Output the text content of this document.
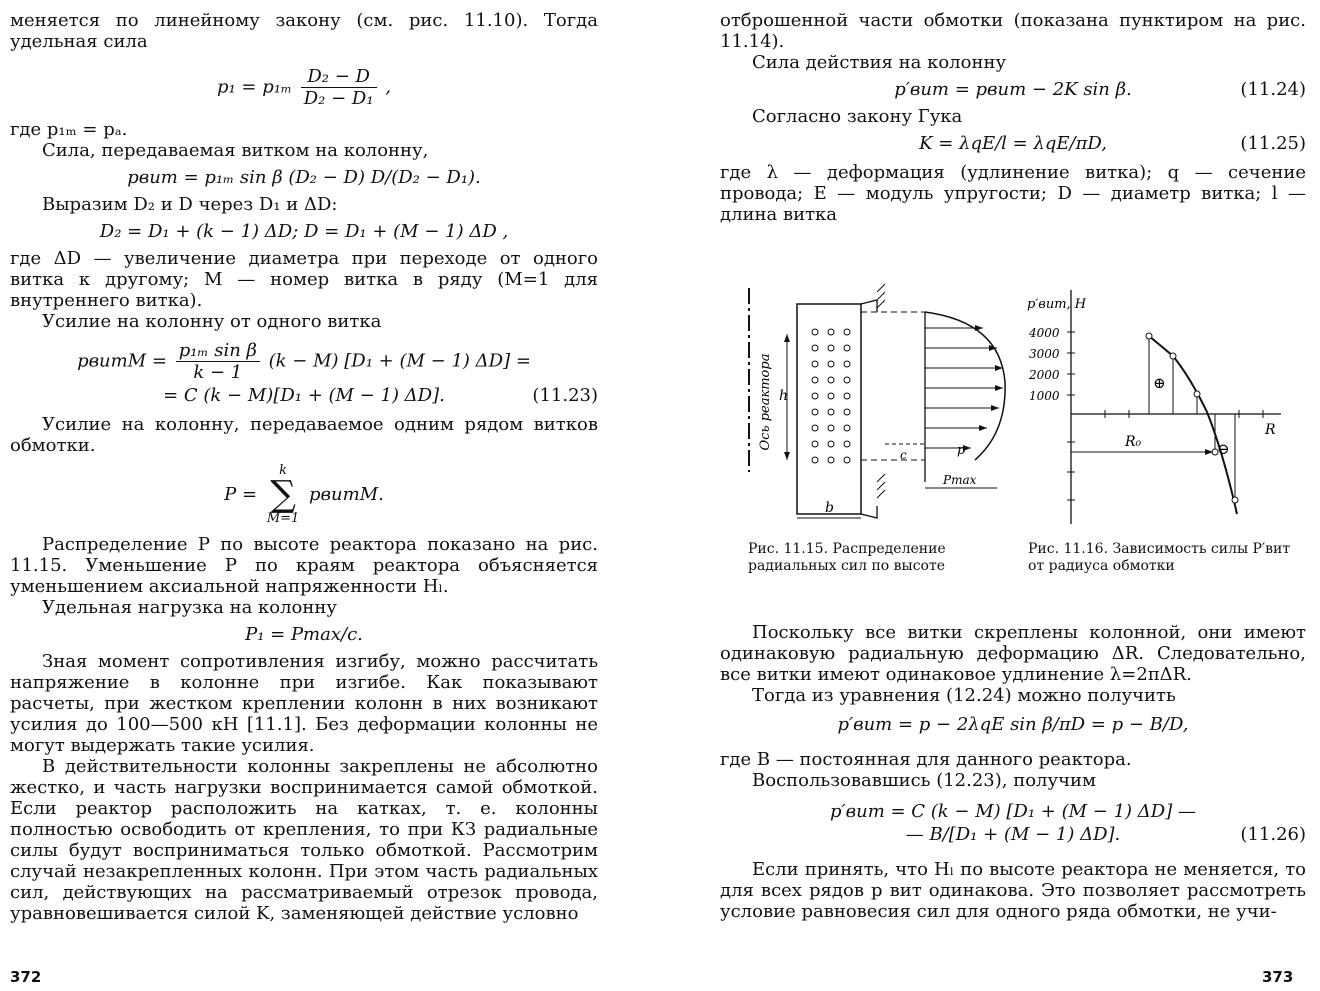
меняется по линейному закону (см. рис. 11.10). Тогда удельная сила

$p_1 = p_{1m} \frac{\text{D₂ − D}}{\text{D₂ − D₁}}$ ,

где p₁ₘ = pₐ.

Сила, передаваемая витком на колонну,

pвит = p₁ₘ sin β (D₂ − D) D/(D₂ − D₁).

Выразим D₂ и D через D₁ и ΔD:

D₂ = D₁ + (k − 1) ΔD; D = D₁ + (M − 1) ΔD ,

где ΔD — увеличение диаметра при переходе от одного витка к другому; M — номер витка в ряду (M=1 для внутреннего витка).

Усилие на колонну от одного витка

pвитM = $\frac{\text{p₁ₘ sin β}}{k - 1} (k - M) [D_1 + (M - 1) \Delta D]$ =
= C (k − M)[D₁ + (M − 1) ΔD].	(11.23)

Усилие на колонну, передаваемое одним рядом витков обмотки.

P =
k
∑
M=1
pвитM.

Распределение P по высоте реактора показано на рис. 11.15. Уменьшение P по краям реактора объясняется уменьшением аксиальной напряженности Hₗ.

Удельная нагрузка на колонну

P₁ = Pmax/c.

Зная момент сопротивления изгибу, можно рассчитать напряжение в колонне при изгибе. Как показывают расчеты, при жестком креплении колонн в них возникают усилия до 100—500 кН [11.1]. Без деформации колонны не могут выдержать такие усилия.

В действительности колонны закреплены не абсолютно жестко, и часть нагрузки воспринимается самой обмоткой. Если реактор расположить на катках, т. е. колонны полностью освободить от крепления, то при КЗ радиальные силы будут восприниматься только обмоткой. Рассмотрим случай незакрепленных колонн. При этом часть радиальных сил, действующих на рассматриваемый отрезок провода, уравновешивается силой K, заменяющей действие условно

372

отброшенной части обмотки (показана пунктиром на рис. 11.14).

Сила действия на колонну

p′вит = pвит − 2K sin β.	(11.24)

Согласно закону Гука

K = λqE/l = λqE/πD,	(11.25)

где λ — деформация (удлинение витка); q — сечение провода; E — модуль упругости; D — диаметр витка; l — длина витка

Ось реактора h
b
c	p
Pmax
p′вит, H
4000
3000
2000
1000
⊕
⊖
R₀
R
Рис. 11.15. Распределение радиальных сил по высоте
Рис. 11.16. Зависимость силы P′вит от радиуса обмотки

Поскольку все витки скреплены колонной, они имеют одинаковую радиальную деформацию ΔR. Следовательно, все витки имеют одинаковое удлинение λ=2πΔR.

Тогда из уравнения (12.24) можно получить

p′вит = p − 2λqE sin β/πD = p − B/D,

где B — постоянная для данного реактора.

Воспользовавшись (12.23), получим

p′вит = C (k − M) [D₁ + (M − 1) ΔD] —
— B/[D₁ + (M − 1) ΔD].	(11.26)

Если принять, что Hₗ по высоте реактора не меняется, то для всех рядов p вит одинакова. Это позволяет рассмотреть условие равновесия сил для одного ряда обмотки, не учи-

373
